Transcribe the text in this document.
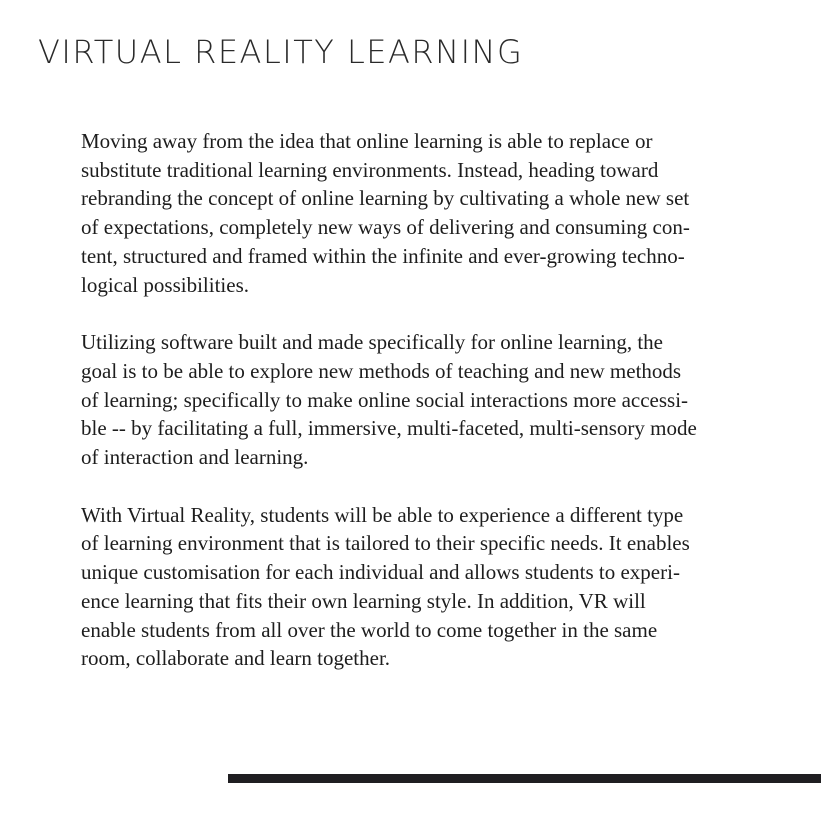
VIRTUAL REALITY LEARNING

Moving away from the idea that online learning is able to replace or
substitute traditional learning environments. Instead, heading toward
rebranding the concept of online learning by cultivating a whole new set
of expectations, completely new ways of delivering and consuming con-
tent, structured and framed within the infinite and ever-growing techno-
logical possibilities.

Utilizing software built and made specifically for online learning, the
goal is to be able to explore new methods of teaching and new methods
of learning; specifically to make online social interactions more accessi-
ble -- by facilitating a full, immersive, multi-faceted, multi-sensory mode
of interaction and learning.

With Virtual Reality, students will be able to experience a different type
of learning environment that is tailored to their specific needs. It enables
unique customisation for each individual and allows students to experi-
ence learning that fits their own learning style. In addition, VR will
enable students from all over the world to come together in the same
room, collaborate and learn together.
